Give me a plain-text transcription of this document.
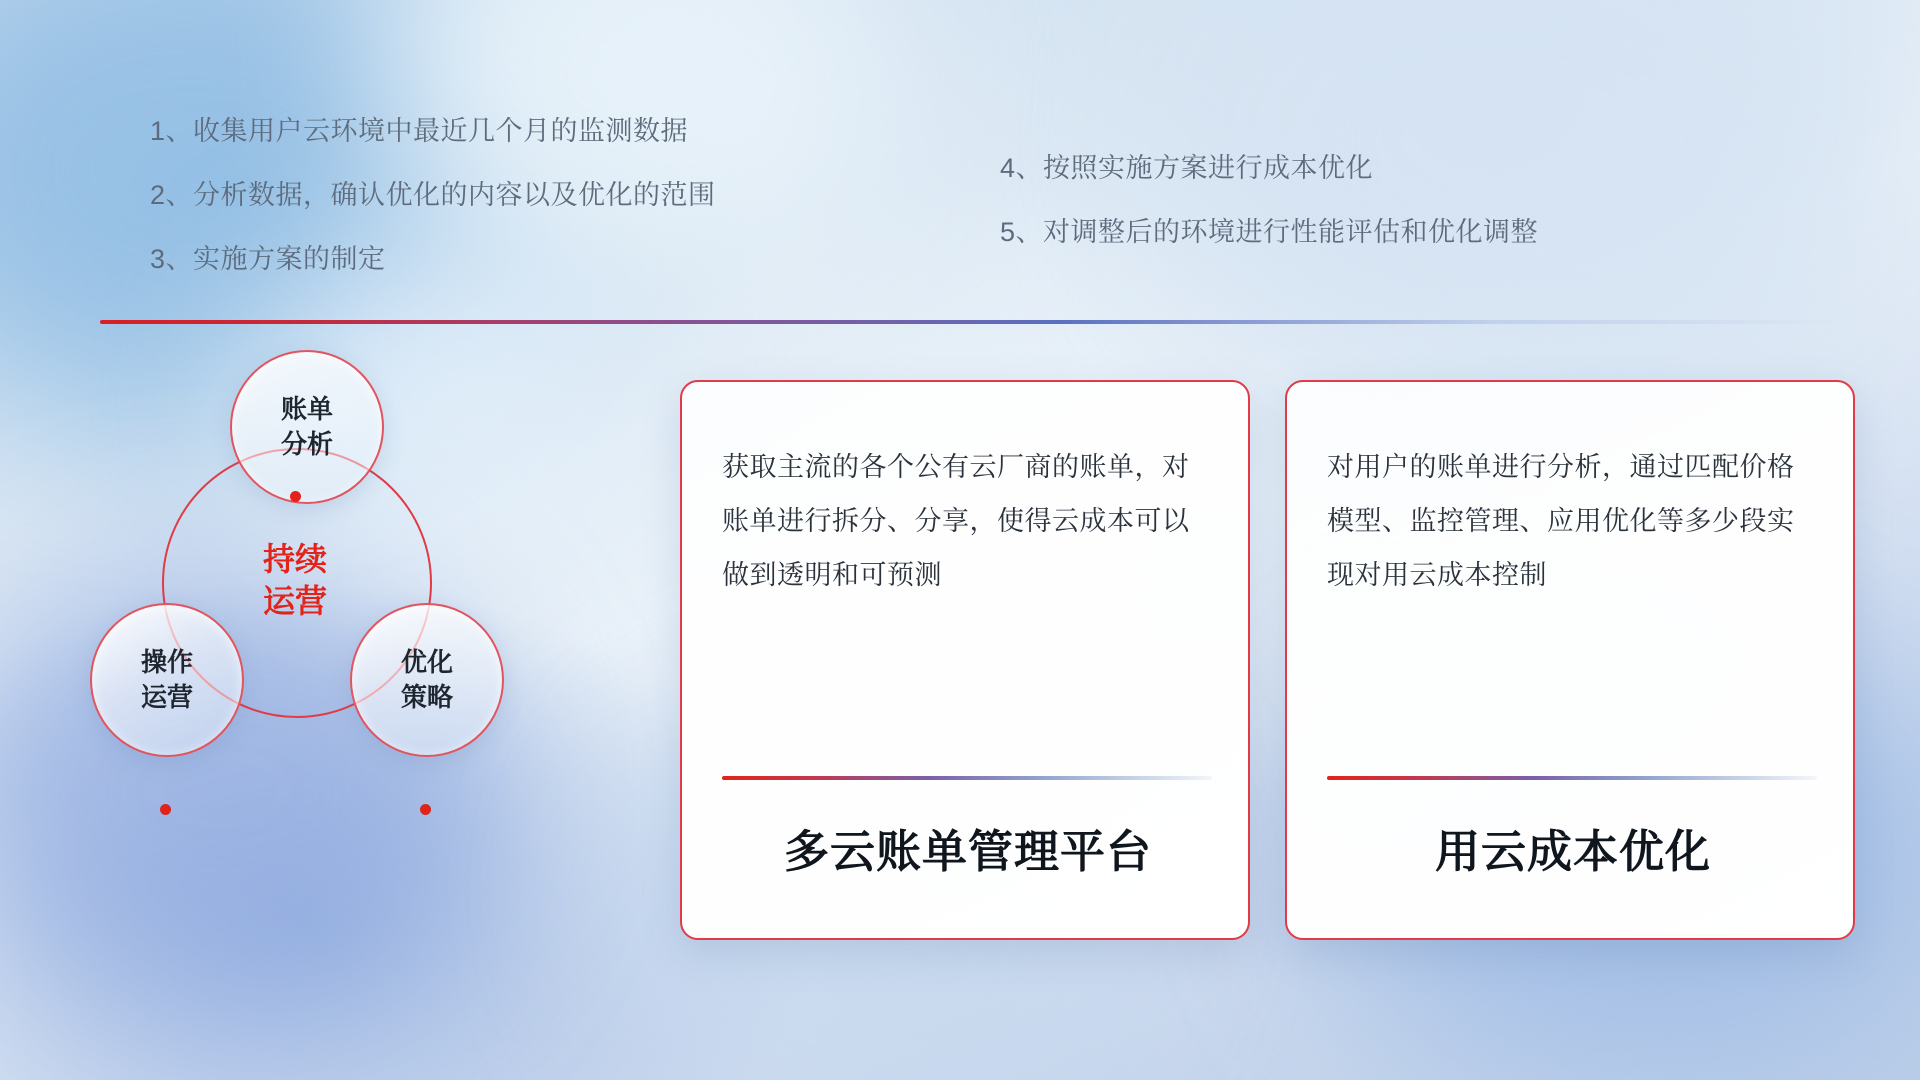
1、收集用户云环境中最近几个月的监测数据
2、分析数据，确认优化的内容以及优化的范围
3、实施方案的制定
4、按照实施方案进行成本优化
5、对调整后的环境进行性能评估和优化调整
账单
分析
操作
运营
优化
策略
持续
运营
获取主流的各个公有云厂商的账单，对账单进行拆分、分享，使得云成本可以做到透明和可预测
多云账单管理平台
对用户的账单进行分析，通过匹配价格模型、监控管理、应用优化等多少段实现对用云成本控制
用云成本优化
